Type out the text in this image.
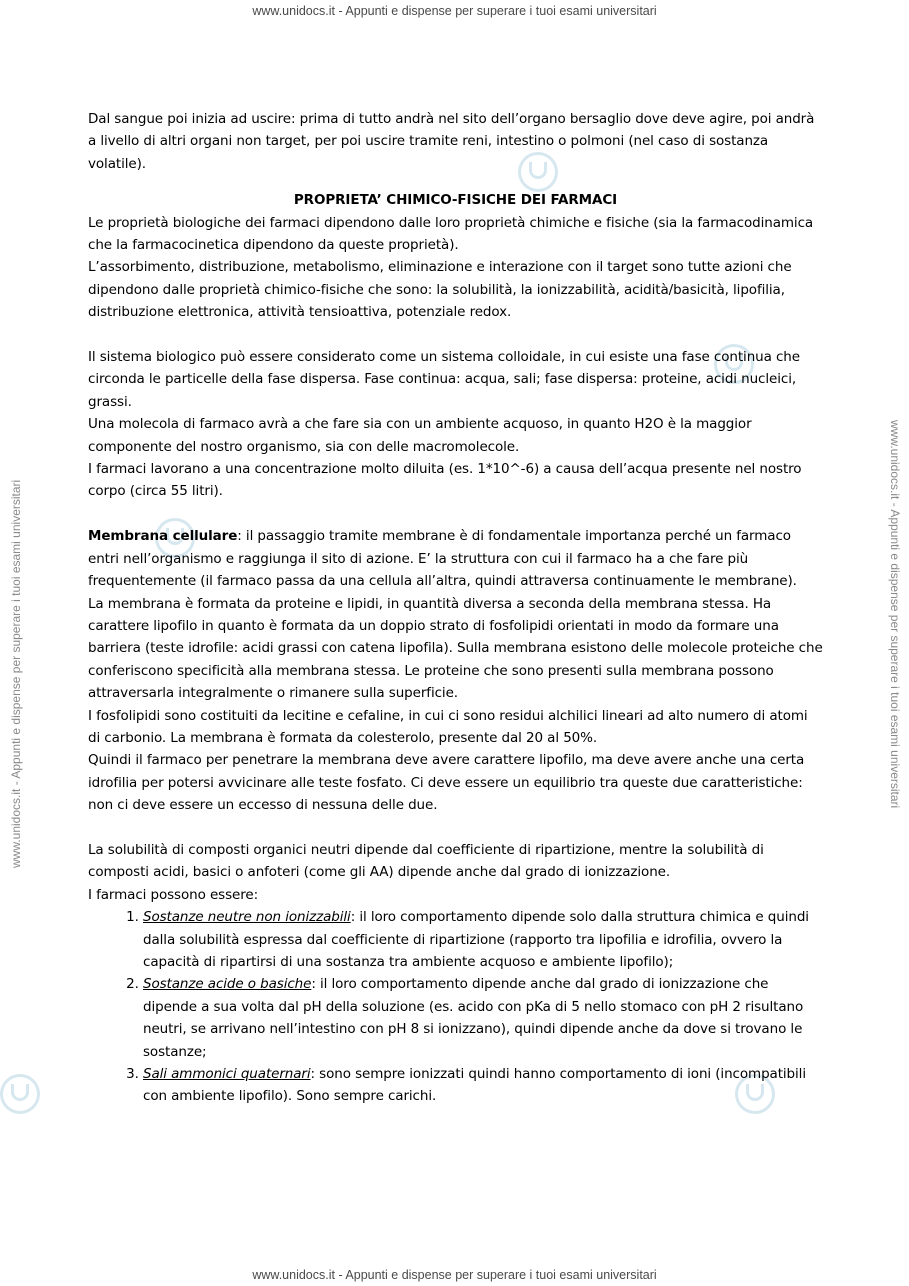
www.unidocs.it - Appunti e dispense per superare i tuoi esami universitari
www.unidocs.it - Appunti e dispense per superare i tuoi esami universitari	www.unidocs.it - Appunti e dispense per superare i tuoi esami universitari

Dal sangue poi inizia ad uscire: prima di tutto andrà nel sito dell’organo bersaglio dove deve agire, poi andrà a livello di altri organi non target, per poi uscire tramite reni, intestino o polmoni (nel caso di sostanza volatile).

PROPRIETA’ CHIMICO-FISICHE DEI FARMACI

Le proprietà biologiche dei farmaci dipendono dalle loro proprietà chimiche e fisiche (sia la farmacodinamica che la farmacocinetica dipendono da queste proprietà).

L’assorbimento, distribuzione, metabolismo, eliminazione e interazione con il target sono tutte azioni che dipendono dalle proprietà chimico-fisiche che sono: la solubilità, la ionizzabilità, acidità/basicità, lipofilia, distribuzione elettronica, attività tensioattiva, potenziale redox.

Il sistema biologico può essere considerato come un sistema colloidale, in cui esiste una fase continua che circonda le particelle della fase dispersa. Fase continua: acqua, sali; fase dispersa: proteine, acidi nucleici, grassi.

Una molecola di farmaco avrà a che fare sia con un ambiente acquoso, in quanto H2O è la maggior componente del nostro organismo, sia con delle macromolecole.

I farmaci lavorano a una concentrazione molto diluita (es. 1*10^-6) a causa dell’acqua presente nel nostro corpo (circa 55 litri).

Membrana cellulare: il passaggio tramite membrane è di fondamentale importanza perché un farmaco entri nell’organismo e raggiunga il sito di azione. E’ la struttura con cui il farmaco ha a che fare più frequentemente (il farmaco passa da una cellula all’altra, quindi attraversa continuamente le membrane).

La membrana è formata da proteine e lipidi, in quantità diversa a seconda della membrana stessa. Ha carattere lipofilo in quanto è formata da un doppio strato di fosfolipidi orientati in modo da formare una barriera (teste idrofile: acidi grassi con catena lipofila). Sulla membrana esistono delle molecole proteiche che conferiscono specificità alla membrana stessa. Le proteine che sono presenti sulla membrana possono attraversarla integralmente o rimanere sulla superficie.

I fosfolipidi sono costituiti da lecitine e cefaline, in cui ci sono residui alchilici lineari ad alto numero di atomi di carbonio. La membrana è formata da colesterolo, presente dal 20 al 50%.

Quindi il farmaco per penetrare la membrana deve avere carattere lipofilo, ma deve avere anche una certa idrofilia per potersi avvicinare alle teste fosfato. Ci deve essere un equilibrio tra queste due caratteristiche: non ci deve essere un eccesso di nessuna delle due.

La solubilità di composti organici neutri dipende dal coefficiente di ripartizione, mentre la solubilità di composti acidi, basici o anfoteri (come gli AA) dipende anche dal grado di ionizzazione.

I farmaci possono essere:

1. Sostanze neutre non ionizzabili: il loro comportamento dipende solo dalla struttura chimica e quindi dalla solubilità espressa dal coefficiente di ripartizione (rapporto tra lipofilia e idrofilia, ovvero la capacità di ripartirsi di una sostanza tra ambiente acquoso e ambiente lipofilo);
2. Sostanze acide o basiche: il loro comportamento dipende anche dal grado di ionizzazione che dipende a sua volta dal pH della soluzione (es. acido con pKa di 5 nello stomaco con pH 2 risultano neutri, se arrivano nell’intestino con pH 8 si ionizzano), quindi dipende anche da dove si trovano le sostanze;
3. Sali ammonici quaternari: sono sempre ionizzati quindi hanno comportamento di ioni (incompatibili con ambiente lipofilo). Sono sempre carichi.
www.unidocs.it - Appunti e dispense per superare i tuoi esami universitari
